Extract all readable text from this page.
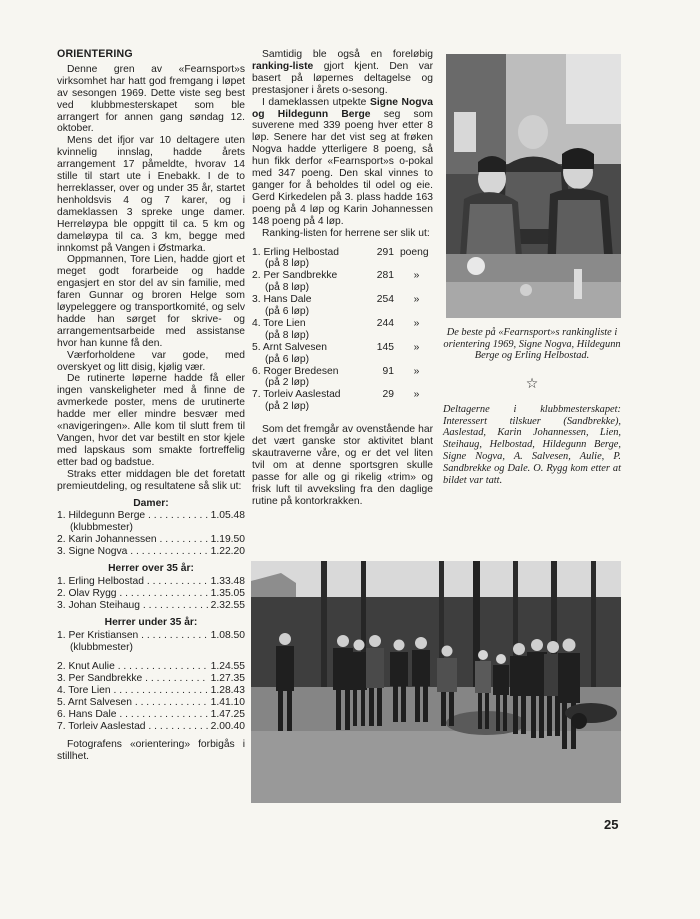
ORIENTERING

Denne gren av «Fearnsport»s virksomhet har hatt god fremgang i løpet av sesongen 1969. Dette viste seg best ved klubbmesterskapet som ble arrangert for annen gang søndag 12. oktober.

Mens det ifjor var 10 deltagere uten kvinnelig innslag, hadde årets arrangement 17 påmeldte, hvorav 14 stille til start ute i Enebakk. I de to herreklasser, over og under 35 år, startet henholdsvis 4 og 7 karer, og i dameklassen 3 spreke unge damer. Herreløypa ble oppgitt til ca. 5 km og dameløypa til ca. 3 km, begge med innkomst på Vangen i Østmarka.

Oppmannen, Tore Lien, hadde gjort et meget godt forarbeide og hadde engasjert en stor del av sin familie, med faren Gunnar og broren Helge som løypeleggere og transportkomité, og selv hadde han sørget for skrive- og arrangementsarbeide med assistanse hvor han kunne få den.

Værforholdene var gode, med overskyet og litt disig, kjølig vær.

De rutinerte løperne hadde få eller ingen vanskeligheter med å finne de avmerkede poster, mens de urutinerte hadde mer eller mindre besvær med «navigeringen». Alle kom til slutt frem til Vangen, hvor det var bestilt en stor kjele med lapskaus som smakte fortreffelig etter bad og badstue.

Straks etter middagen ble det foretatt premieutdeling, og resultatene så slik ut:

Damer:
1. Hildegunn Berge . . .	1.05.48
(klubbmester)
2. Karin Johannessen . . .	1.19.50
3. Signe Nogva . . .	1.22.20
Herrer over 35 år:
1. Erling Helbostad . . .	1.33.48
2. Olav Rygg . . .	1.35.05
3. Johan Steihaug . . .	2.32.55
Herrer under 35 år:
1. Per Kristiansen . . .	1.08.50
(klubbmester)
2. Knut Aulie . . .	1.24.55
3. Per Sandbrekke . . .	1.27.35
4. Tore Lien . . .	1.28.43
5. Arnt Salvesen . . .	1.41.10
6. Hans Dale . . .	1.47.25
7. Torleiv Aaslestad . . .	2.00.40

Fotografens «orientering» forbigås i stillhet.

Samtidig ble også en foreløbig ranking-liste gjort kjent. Den var basert på løpernes deltagelse og prestasjoner i årets o-sesong.

I dameklassen utpekte Signe Nogva og Hildegunn Berge seg som suverene med 339 poeng hver etter 8 løp. Senere har det vist seg at frøken Nogva hadde ytterligere 8 poeng, så hun fikk derfor «Fearnsport»s o-pokal med 347 poeng. Den skal vinnes to ganger for å beholdes til odel og eie. Gerd Kirkedelen på 3. plass hadde 163 poeng på 4 løp og Karin Johannessen 148 poeng på 4 løp.

Ranking-listen for herrene ser slik ut:

1. Erling Helbostad	291 poeng
(på 8 løp)
2. Per Sandbrekke	281	»
(på 8 løp)
3. Hans Dale	254	»
(på 6 løp)
4. Tore Lien	244	»
(på 8 løp)
5. Arnt Salvesen	145	»
(på 6 løp)
6. Roger Bredesen	91	»
(på 2 løp)
7. Torleiv Aaslestad	29	»
(på 2 løp)

Som det fremgår av ovenstående har det vært ganske stor aktivitet blant skautraverne våre, og er det vel liten tvil om at denne sportsgren skulle passe for alle og gi rikelig «trim» og frisk luft til avveksling fra den daglige rutine på kontorkrakken.

De beste på «Fearnsport»s rankingliste i orientering 1969, Signe Nogva, Hildegunn Berge og Erling Helbostad.
☆
Deltagerne i klubbmesterskapet: Interessert tilskuer (Sandbrekke), Aaslestad, Karin Johannessen, Lien, Steihaug, Helbostad, Hildegunn Berge, Signe Nogva, A. Salvesen, Aulie, P. Sandbrekke og Dale. O. Rygg kom etter at bildet var tatt.
25
